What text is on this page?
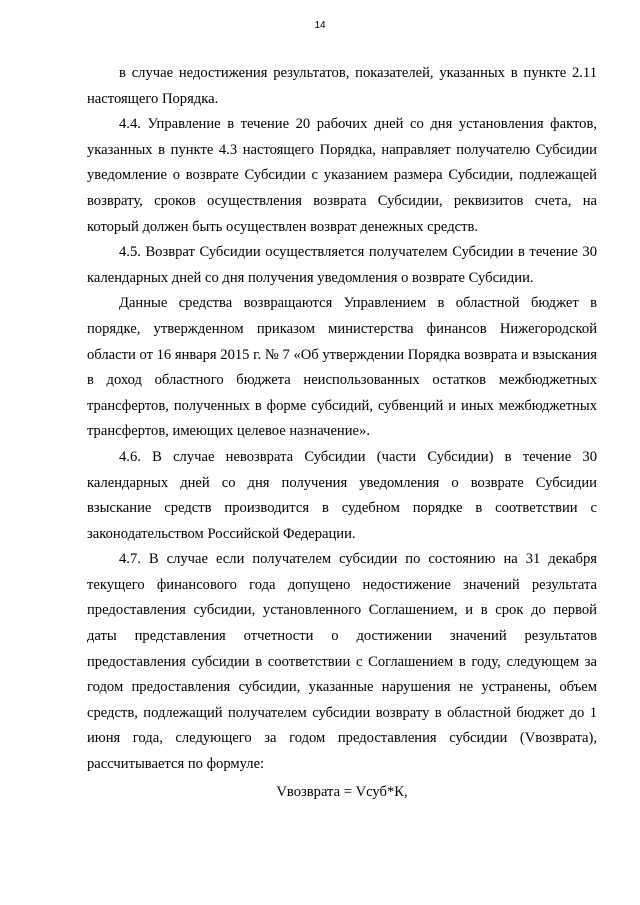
14

в случае недостижения результатов, показателей, указанных в пункте 2.11 настоящего Порядка.

4.4. Управление в течение 20 рабочих дней со дня установления фактов, указанных в пункте 4.3 настоящего Порядка, направляет получателю Субсидии уведомление о возврате Субсидии с указанием размера Субсидии, подлежащей возврату, сроков осуществления возврата Субсидии, реквизитов счета, на который должен быть осуществлен возврат денежных средств.

4.5. Возврат Субсидии осуществляется получателем Субсидии в течение 30 календарных дней со дня получения уведомления о возврате Субсидии.

Данные средства возвращаются Управлением в областной бюджет в порядке, утвержденном приказом министерства финансов Нижегородской области от 16 января 2015 г. № 7 «Об утверждении Порядка возврата и взыскания в доход областного бюджета неиспользованных остатков межбюджетных трансфертов, полученных в форме субсидий, субвенций и иных межбюджетных трансфертов, имеющих целевое назначение».

4.6. В случае невозврата Субсидии (части Субсидии) в течение 30 календарных дней со дня получения уведомления о возврате Субсидии взыскание средств производится в судебном порядке в соответствии с законодательством Российской Федерации.

4.7. В случае если получателем субсидии по состоянию на 31 декабря текущего финансового года допущено недостижение значений результата предоставления субсидии, установленного Соглашением, и в срок до первой даты представления отчетности о достижении значений результатов предоставления субсидии в соответствии с Соглашением в году, следующем за годом предоставления субсидии, указанные нарушения не устранены, объем средств, подлежащий получателем субсидии возврату в областной бюджет до 1 июня года, следующего за годом предоставления субсидии (Vвозврата), рассчитывается по формуле:

Vвозврата = Vсуб*К,
